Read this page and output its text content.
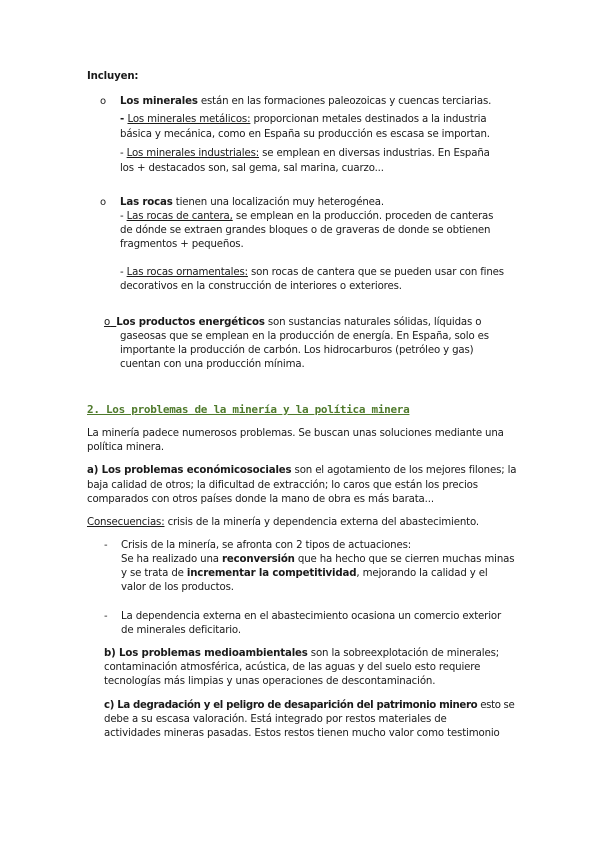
Incluyen:
o Los minerales están en las formaciones paleozoicas y cuencas terciarias.
- Los minerales metálicos: proporcionan metales destinados a la industria
básica y mecánica, como en España su producción es escasa se importan.
- Los minerales industriales: se emplean en diversas industrias. En España
los + destacados son, sal gema, sal marina, cuarzo...
o Las rocas tienen una localización muy heterogénea.
- Las rocas de cantera, se emplean en la producción. proceden de canteras
de dónde se extraen grandes bloques o de graveras de donde se obtienen
fragmentos + pequeños.
- Las rocas ornamentales: son rocas de cantera que se pueden usar con fines
decorativos en la construcción de interiores o exteriores.
o Los productos energéticos son sustancias naturales sólidas, líquidas o
gaseosas que se emplean en la producción de energía. En España, solo es
importante la producción de carbón. Los hidrocarburos (petróleo y gas)
cuentan con una producción mínima.
2. Los problemas de la minería y la política minera
La minería padece numerosos problemas. Se buscan unas soluciones mediante una
política minera.
a) Los problemas económicosociales son el agotamiento de los mejores filones; la
baja calidad de otros; la dificultad de extracción; lo caros que están los precios
comparados con otros países donde la mano de obra es más barata...
Consecuencias: crisis de la minería y dependencia externa del abastecimiento.
- Crisis de la minería, se afronta con 2 tipos de actuaciones:
Se ha realizado una reconversión que ha hecho que se cierren muchas minas
y se trata de incrementar la competitividad, mejorando la calidad y el
valor de los productos.
- La dependencia externa en el abastecimiento ocasiona un comercio exterior
de minerales deficitario.
b) Los problemas medioambientales son la sobreexplotación de minerales;
contaminación atmosférica, acústica, de las aguas y del suelo esto requiere
tecnologías más limpias y unas operaciones de descontaminación.
c) La degradación y el peligro de desaparición del patrimonio minero esto se
debe a su escasa valoración. Está integrado por restos materiales de
actividades mineras pasadas. Estos restos tienen mucho valor como testimonio
